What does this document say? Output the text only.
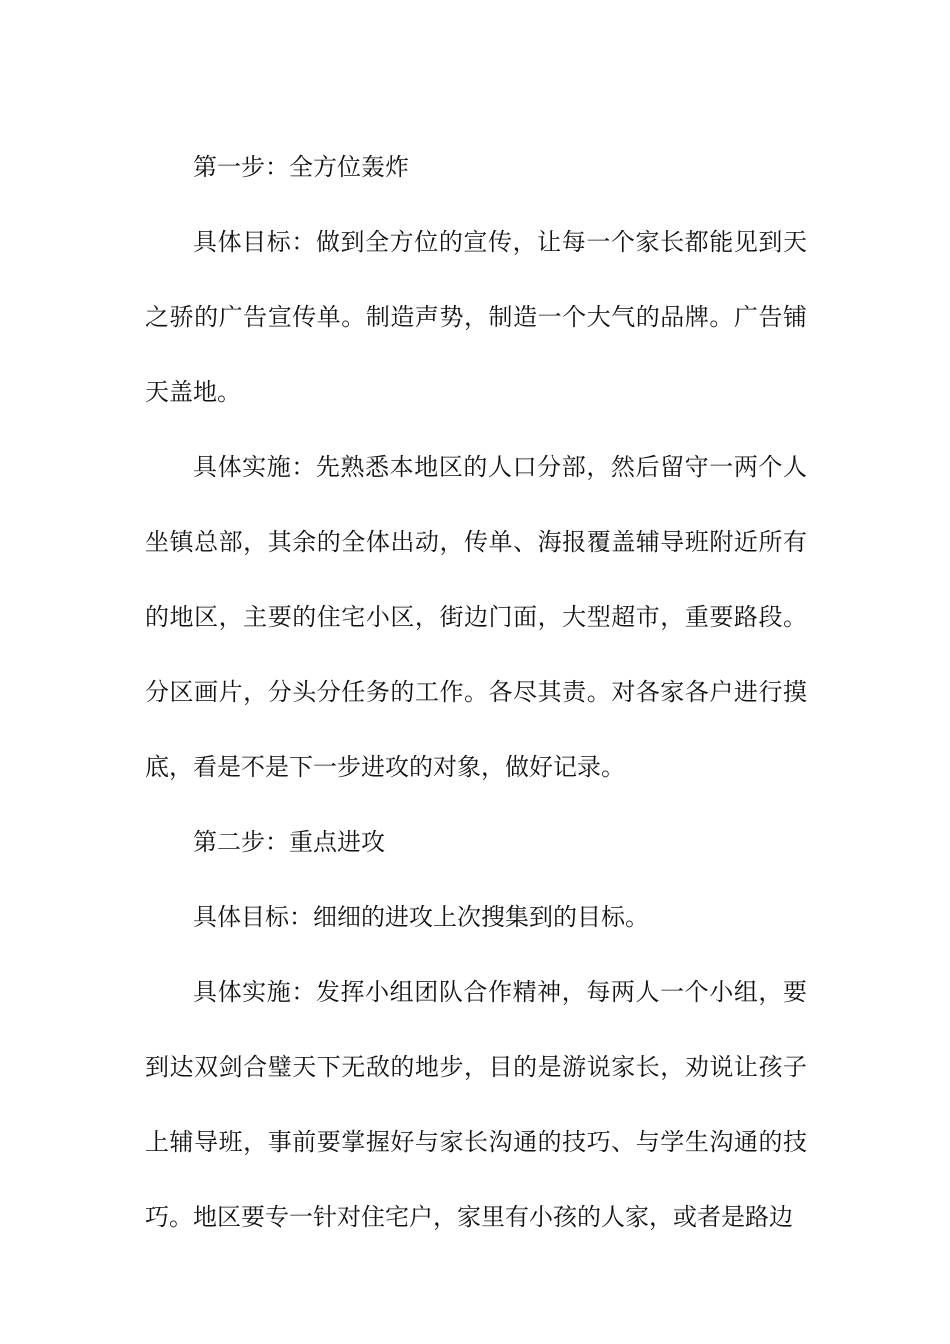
第一步：全方位轰炸

具体目标：做到全方位的宣传，让每一个家长都能见到天之骄的广告宣传单。制造声势，制造一个大气的品牌。广告铺天盖地。

具体实施：先熟悉本地区的人口分部，然后留守一两个人坐镇总部，其余的全体出动，传单、海报覆盖辅导班附近所有的地区，主要的住宅小区，街边门面，大型超市，重要路段。分区画片，分头分任务的工作。各尽其责。对各家各户进行摸底，看是不是下一步进攻的对象，做好记录。

第二步：重点进攻

具体目标：细细的进攻上次搜集到的目标。

具体实施：发挥小组团队合作精神，每两人一个小组，要到达双剑合璧天下无敌的地步，目的是游说家长，劝说让孩子上辅导班，事前要掌握好与家长沟通的技巧、与学生沟通的技巧。地区要专一针对住宅户，家里有小孩的人家，或者是路边
